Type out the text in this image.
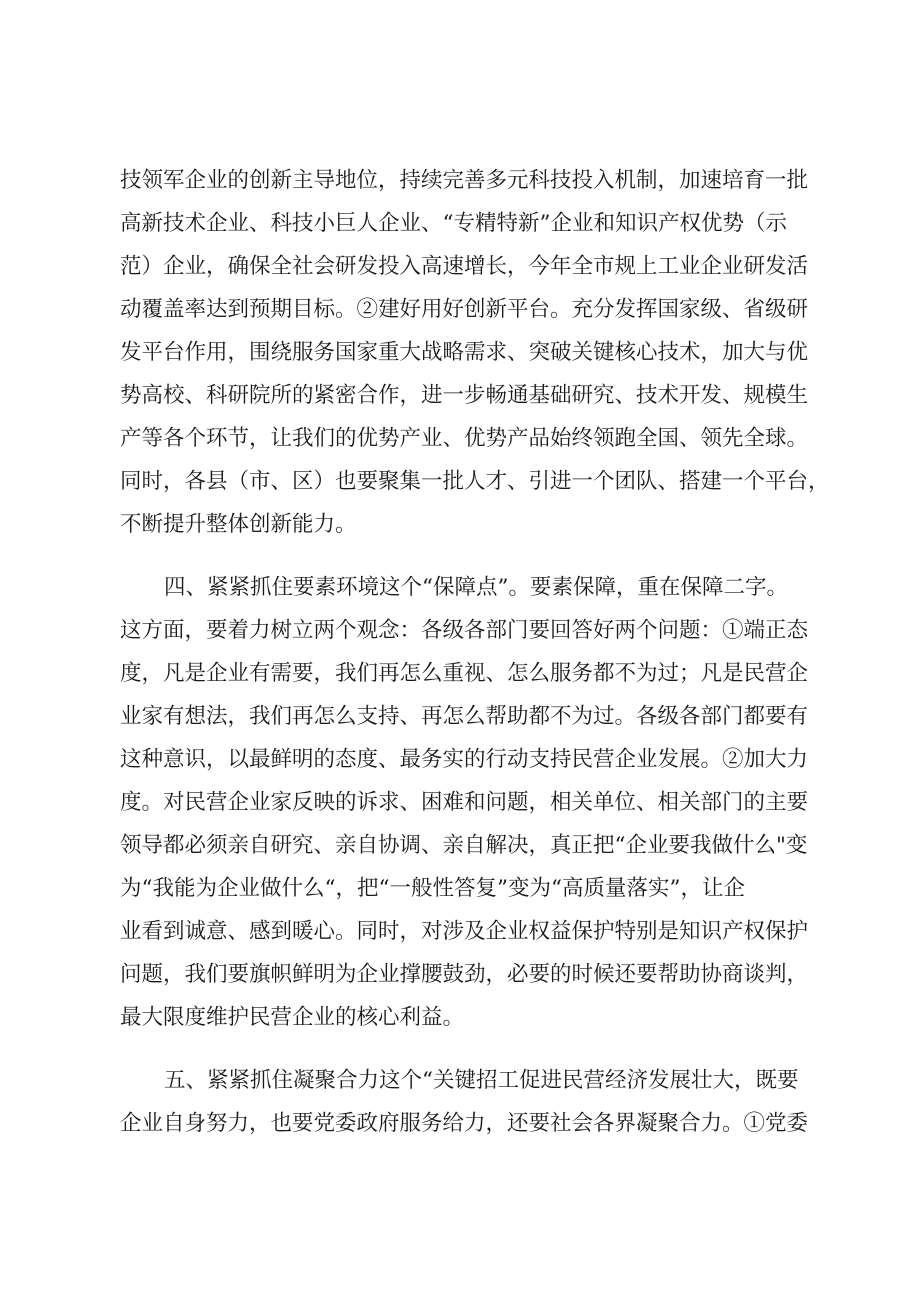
技领军企业的创新主导地位，持续完善多元科技投入机制，加速培育一批
高新技术企业、科技小巨人企业、“专精特新”企业和知识产权优势（示
范）企业，确保全社会研发投入高速增长，今年全市规上工业企业研发活
动覆盖率达到预期目标。②建好用好创新平台。充分发挥国家级、省级研
发平台作用，围绕服务国家重大战略需求、突破关键核心技术，加大与优
势高校、科研院所的紧密合作，进一步畅通基础研究、技术开发、规模生
产等各个环节，让我们的优势产业、优势产品始终领跑全国、领先全球。
同时，各县（市、区）也要聚集一批人才、引进一个团队、搭建一个平台，
不断提升整体创新能力。
四、紧紧抓住要素环境这个“保障点”。要素保障，重在保障二字。
这方面，要着力树立两个观念：各级各部门要回答好两个问题：①端正态
度，凡是企业有需要，我们再怎么重视、怎么服务都不为过；凡是民营企
业家有想法，我们再怎么支持、再怎么帮助都不为过。各级各部门都要有
这种意识，以最鲜明的态度、最务实的行动支持民营企业发展。②加大力
度。对民营企业家反映的诉求、困难和问题，相关单位、相关部门的主要
领导都必须亲自研究、亲自协调、亲自解决，真正把“企业要我做什么"变
为“我能为企业做什么“，把“一般性答复”变为“高质量落实”，让企
业看到诚意、感到暖心。同时，对涉及企业权益保护特别是知识产权保护
问题，我们要旗帜鲜明为企业撑腰鼓劲，必要的时候还要帮助协商谈判，
最大限度维护民营企业的核心利益。
五、紧紧抓住凝聚合力这个“关键招工促进民营经济发展壮大，既要
企业自身努力，也要党委政府服务给力，还要社会各界凝聚合力。①党委
